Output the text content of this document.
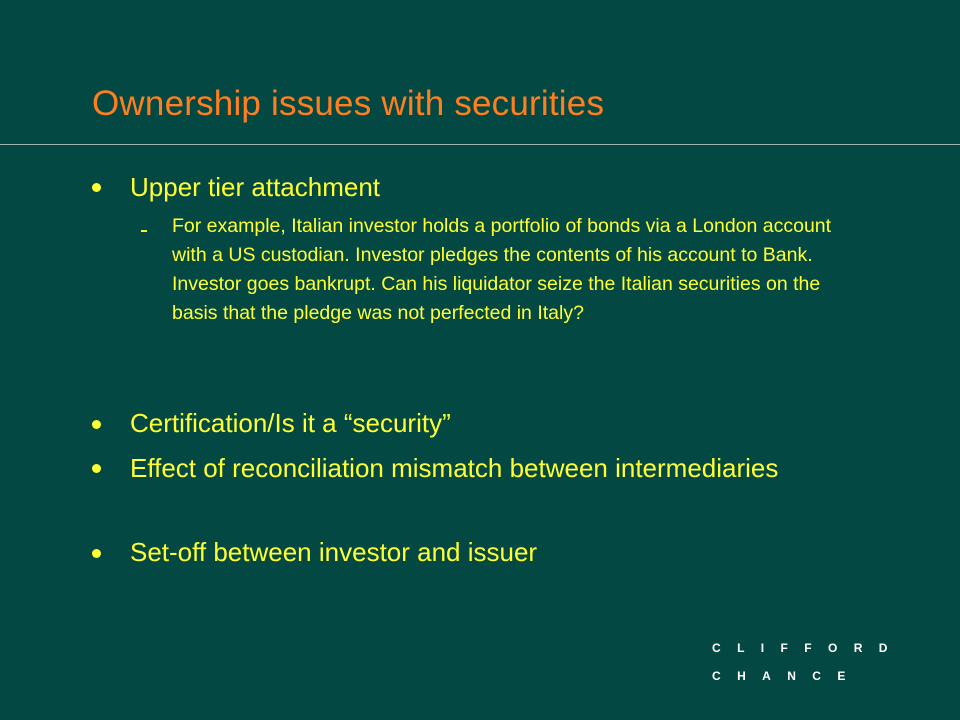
Ownership issues with securities
Upper tier attachment
For example, Italian investor holds a portfolio of bonds via a London account with a US custodian. Investor pledges the contents of his account to Bank. Investor goes bankrupt. Can his liquidator seize the Italian securities on the basis that the pledge was not perfected in Italy?
Certification/Is it a “security”
Effect of reconciliation mismatch between intermediaries
Set-off between investor and issuer
CLIFFORD
CHANCE
